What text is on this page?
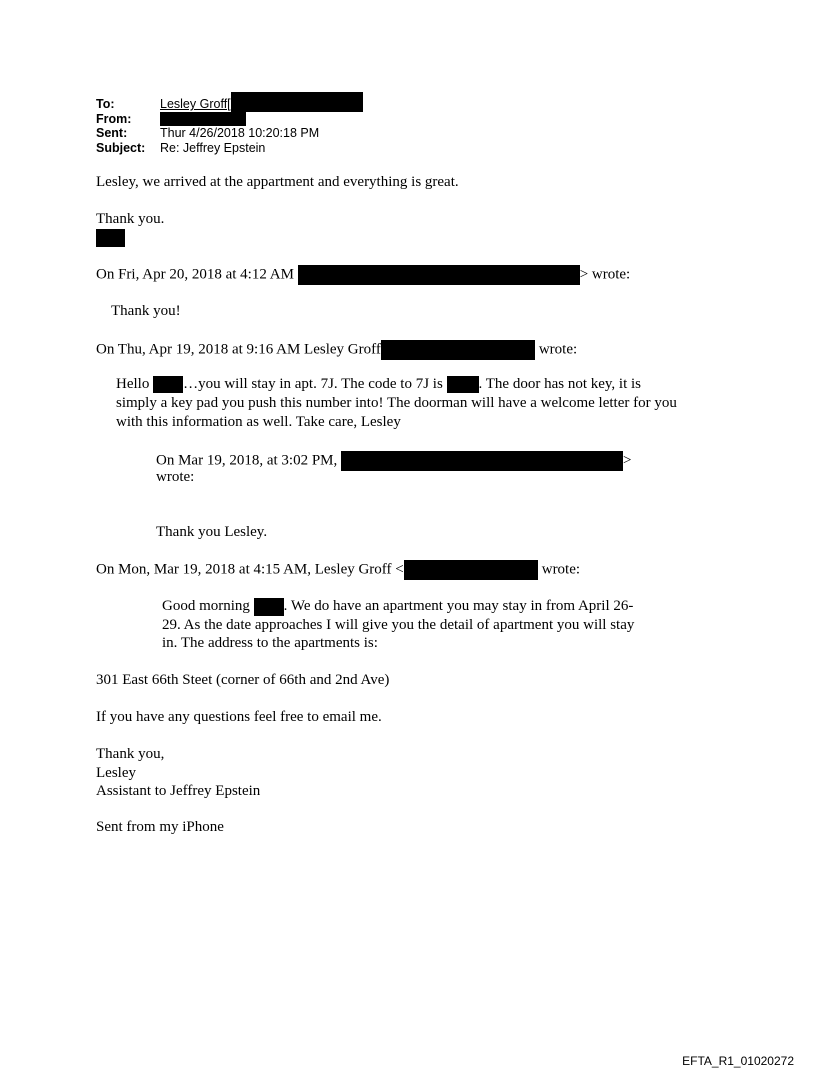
To:	Lesley Groff[
From:
Sent:	Thur 4/26/2018 10:20:18 PM
Subject:	Re: Jeffrey Epstein
Lesley, we arrived at the appartment and everything is great.
Thank you.
On Fri, Apr 20, 2018 at 4:12 AM	> wrote:
Thank you!
On Thu, Apr 19, 2018 at 9:16 AM Lesley Groff	wrote:
Hello …you will stay in apt. 7J. The code to 7J is . The door has not key, it is
simply a key pad you push this number into! The doorman will have a welcome letter for you
with this information as well. Take care, Lesley
On Mar 19, 2018, at 3:02 PM,	>
wrote:
Thank you Lesley.
On Mon, Mar 19, 2018 at 4:15 AM, Lesley Groff <	wrote:
Good morning . We do have an apartment you may stay in from April 26-
29. As the date approaches I will give you the detail of apartment you will stay
in. The address to the apartments is:
301 East 66th Steet (corner of 66th and 2nd Ave)
If you have any questions feel free to email me.
Thank you,
Lesley
Assistant to Jeffrey Epstein
Sent from my iPhone
EFTA_R1_01020272
